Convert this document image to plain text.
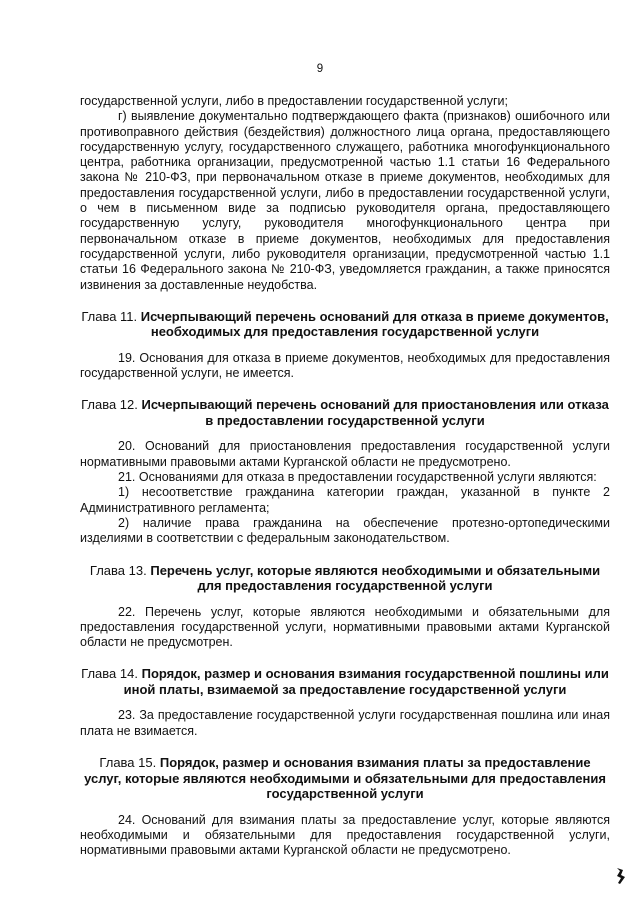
9

государственной услуги, либо в предоставлении государственной услуги;

г) выявление документально подтверждающего факта (признаков) ошибочного или противоправного действия (бездействия) должностного лица органа, предоставляющего государственную услугу, государственного служащего, работника многофункционального центра, работника организации, предусмотренной частью 1.1 статьи 16 Федерального закона № 210-ФЗ, при первоначальном отказе в приеме документов, необходимых для предоставления государственной услуги, либо в предоставлении государственной услуги, о чем в письменном виде за подписью руководителя органа, предоставляющего государственную услугу, руководителя многофункционального центра при первоначальном отказе в приеме документов, необходимых для предоставления государственной услуги, либо руководителя организации, предусмотренной частью 1.1 статьи 16 Федерального закона № 210-ФЗ, уведомляется гражданин, а также приносятся извинения за доставленные неудобства.

Глава 11. Исчерпывающий перечень оснований для отказа в приеме документов, необходимых для предоставления государственной услуги

19. Основания для отказа в приеме документов, необходимых для предоставления государственной услуги, не имеется.

Глава 12. Исчерпывающий перечень оснований для приостановления или отказа в предоставлении государственной услуги

20. Оснований для приостановления предоставления государственной услуги нормативными правовыми актами Курганской области не предусмотрено.

21. Основаниями для отказа в предоставлении государственной услуги являются:

1) несоответствие гражданина категории граждан, указанной в пункте 2 Административного регламента;

2) наличие права гражданина на обеспечение протезно-ортопедическими изделиями в соответствии с федеральным законодательством.

Глава 13. Перечень услуг, которые являются необходимыми и обязательными для предоставления государственной услуги

22. Перечень услуг, которые являются необходимыми и обязательными для предоставления государственной услуги, нормативными правовыми актами Курганской области не предусмотрен.

Глава 14. Порядок, размер и основания взимания государственной пошлины или иной платы, взимаемой за предоставление государственной услуги

23. За предоставление государственной услуги государственная пошлина или иная плата не взимается.

Глава 15. Порядок, размер и основания взимания платы за предоставление услуг, которые являются необходимыми и обязательными для предоставления государственной услуги

24. Оснований для взимания платы за предоставление услуг, которые являются необходимыми и обязательными для предоставления государственной услуги, нормативными правовыми актами Курганской области не предусмотрено.
